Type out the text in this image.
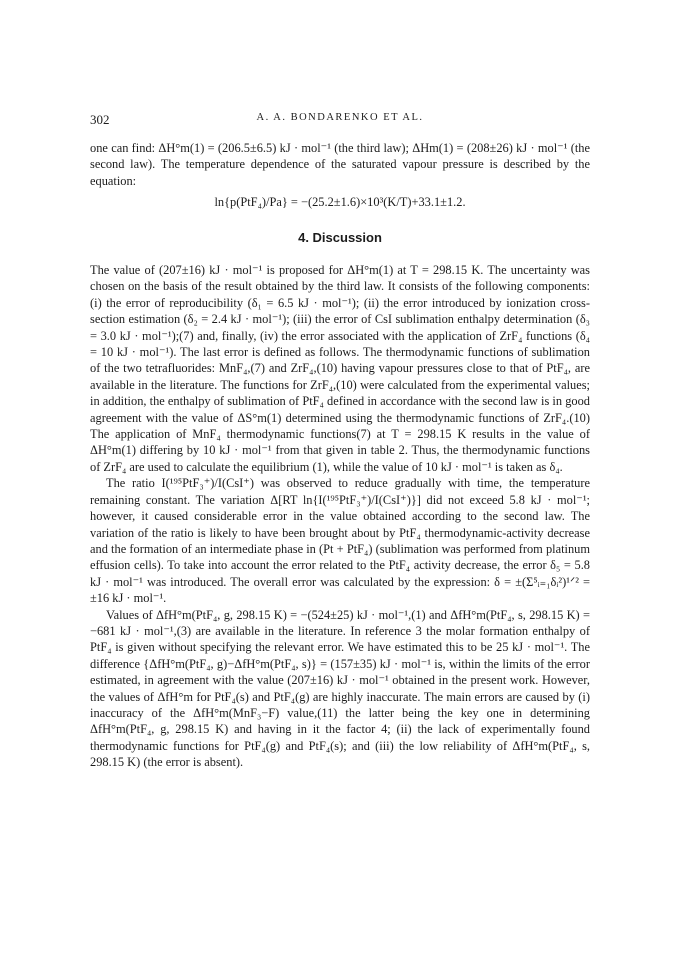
302	A. A. BONDARENKO ET AL.

one can find: ΔH°m(1) = (206.5±6.5) kJ · mol⁻¹ (the third law); ΔHm(1) = (208±26) kJ · mol⁻¹ (the second law). The temperature dependence of the saturated vapour pressure is described by the equation:

ln{p(PtF₄)/Pa} = −(25.2±1.6)×10³(K/T)+33.1±1.2.
4. Discussion

The value of (207±16) kJ · mol⁻¹ is proposed for ΔH°m(1) at T = 298.15 K. The uncertainty was chosen on the basis of the result obtained by the third law. It consists of the following components: (i) the error of reproducibility (δ₁ = 6.5 kJ · mol⁻¹); (ii) the error introduced by ionization cross-section estimation (δ₂ = 2.4 kJ · mol⁻¹); (iii) the error of CsI sublimation enthalpy determination (δ₃ = 3.0 kJ · mol⁻¹);(7) and, finally, (iv) the error associated with the application of ZrF₄ functions (δ₄ = 10 kJ · mol⁻¹). The last error is defined as follows. The thermodynamic functions of sublimation of the two tetrafluorides: MnF₄,(7) and ZrF₄,(10) having vapour pressures close to that of PtF₄, are available in the literature. The functions for ZrF₄,(10) were calculated from the experimental values; in addition, the enthalpy of sublimation of PtF₄ defined in accordance with the second law is in good agreement with the value of ΔS°m(1) determined using the thermodynamic functions of ZrF₄.(10) The application of MnF₄ thermodynamic functions(7) at T = 298.15 K results in the value of ΔH°m(1) differing by 10 kJ · mol⁻¹ from that given in table 2. Thus, the thermodynamic functions of ZrF₄ are used to calculate the equilibrium (1), while the value of 10 kJ · mol⁻¹ is taken as δ₄.

The ratio I(¹⁹⁵PtF₃⁺)/I(CsI⁺) was observed to reduce gradually with time, the temperature remaining constant. The variation Δ[RT ln{I(¹⁹⁵PtF₃⁺)/I(CsI⁺)}] did not exceed 5.8 kJ · mol⁻¹; however, it caused considerable error in the value obtained according to the second law. The variation of the ratio is likely to have been brought about by PtF₄ thermodynamic-activity decrease and the formation of an intermediate phase in (Pt + PtF₄) (sublimation was performed from platinum effusion cells). To take into account the error related to the PtF₄ activity decrease, the error δ₅ = 5.8 kJ · mol⁻¹ was introduced. The overall error was calculated by the expression: δ = ±(Σ⁵ᵢ₌₁δᵢ²)¹ᐟ² = ±16 kJ · mol⁻¹.

Values of ΔfH°m(PtF₄, g, 298.15 K) = −(524±25) kJ · mol⁻¹,(1) and ΔfH°m(PtF₄, s, 298.15 K) = −681 kJ · mol⁻¹,(3) are available in the literature. In reference 3 the molar formation enthalpy of PtF₄ is given without specifying the relevant error. We have estimated this to be 25 kJ · mol⁻¹. The difference {ΔfH°m(PtF₄, g)−ΔfH°m(PtF₄, s)} = (157±35) kJ · mol⁻¹ is, within the limits of the error estimated, in agreement with the value (207±16) kJ · mol⁻¹ obtained in the present work. However, the values of ΔfH°m for PtF₄(s) and PtF₄(g) are highly inaccurate. The main errors are caused by (i) inaccuracy of the ΔfH°m(MnF₃−F) value,(11) the latter being the key one in determining ΔfH°m(PtF₄, g, 298.15 K) and having in it the factor 4; (ii) the lack of experimentally found thermodynamic functions for PtF₄(g) and PtF₄(s); and (iii) the low reliability of ΔfH°m(PtF₄, s, 298.15 K) (the error is absent).
